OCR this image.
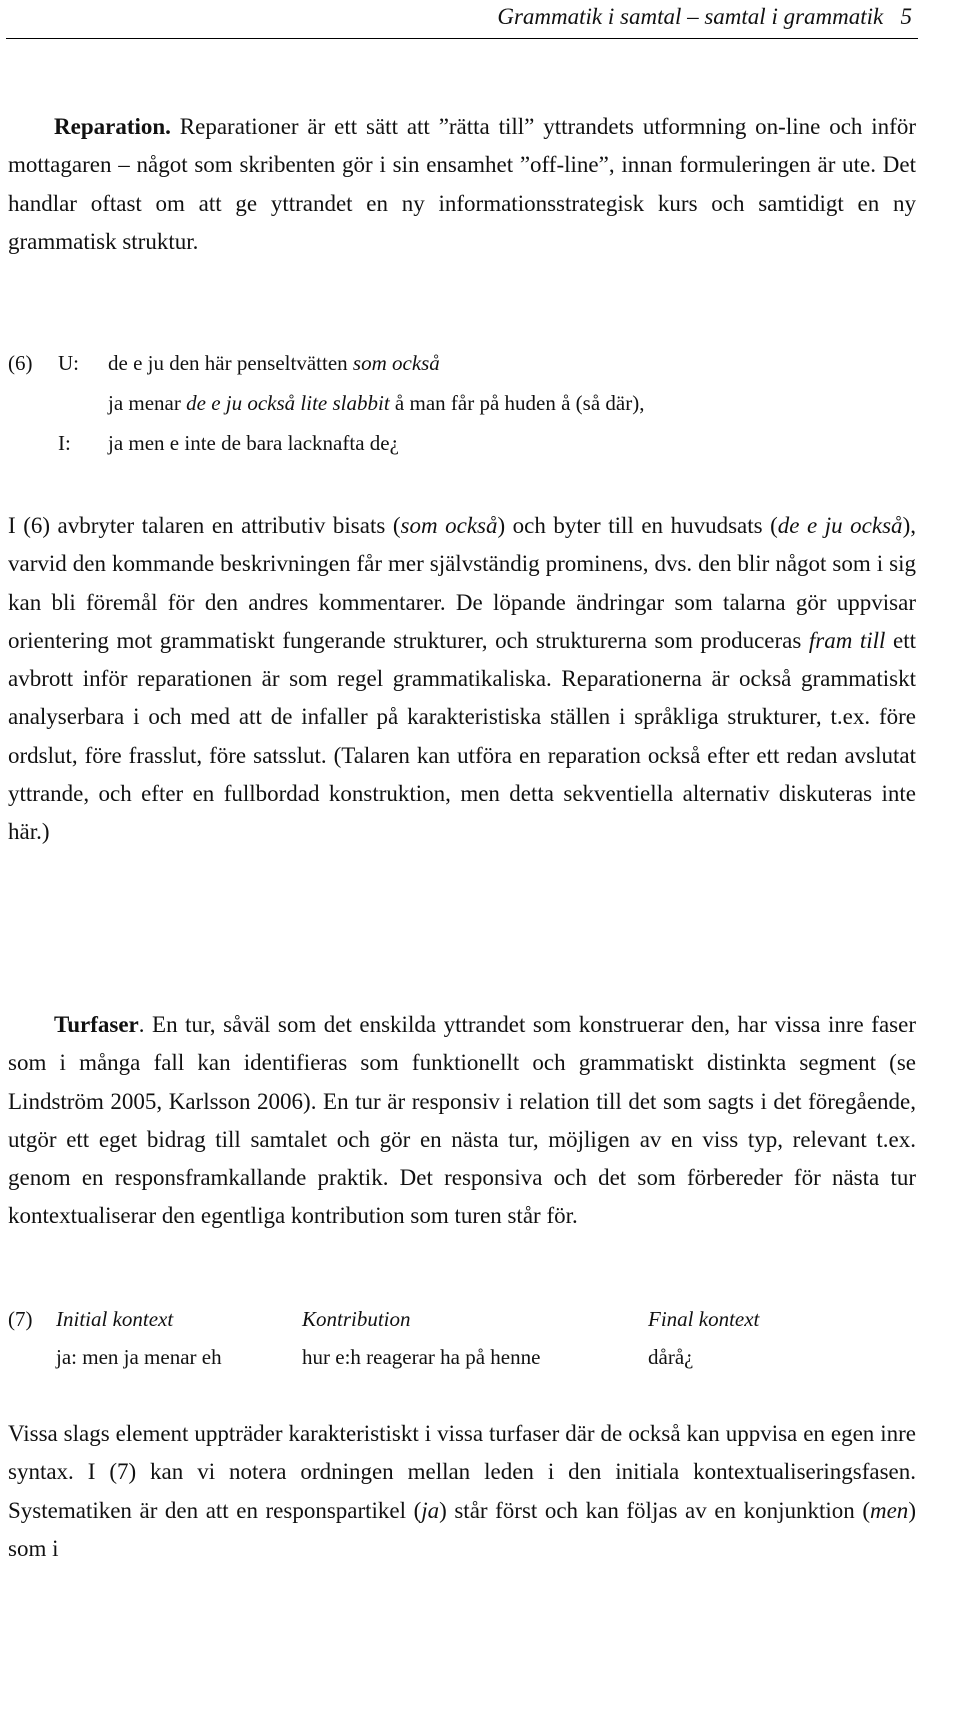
Grammatik i samtal – samtal i grammatik 5
Reparation. Reparationer är ett sätt att ”rätta till” yttrandets utformning on-line och inför mottagaren – något som skribenten gör i sin ensamhet ”off-line”, innan formuleringen är ute. Det handlar oftast om att ge yttrandet en ny informationsstrategisk kurs och samtidigt en ny grammatisk struktur.
(6) U: de e ju den här penseltvätten som också
ja menar de e ju också lite slabbit å man får på huden å (så där),
I: ja men e inte de bara lacknafta de¿
I (6) avbryter talaren en attributiv bisats (som också) och byter till en huvudsats (de e ju också), varvid den kommande beskrivningen får mer självständig prominens, dvs. den blir något som i sig kan bli föremål för den andres kommentarer. De löpande ändringar som talarna gör uppvisar orientering mot grammatiskt fungerande strukturer, och strukturerna som produceras fram till ett avbrott inför reparationen är som regel grammatikaliska. Reparationerna är också grammatiskt analyserbara i och med att de infaller på karakteristiska ställen i språkliga strukturer, t.ex. före ordslut, före frasslut, före satsslut. (Talaren kan utföra en reparation också efter ett redan avslutat yttrande, och efter en fullbordad konstruktion, men detta sekventiella alternativ diskuteras inte här.)
Turfaser. En tur, såväl som det enskilda yttrandet som konstruerar den, har vissa inre faser som i många fall kan identifieras som funktionellt och grammatiskt distinkta segment (se Lindström 2005, Karlsson 2006). En tur är responsiv i relation till det som sagts i det föregående, utgör ett eget bidrag till samtalet och gör en nästa tur, möjligen av en viss typ, relevant t.ex. genom en responsframkallande praktik. Det responsiva och det som förbereder för nästa tur kontextualiserar den egentliga kontribution som turen står för.
(7) Initial kontext	Kontribution	Final kontext
ja: men ja menar eh	hur e:h reagerar ha på henne	dårå¿
Vissa slags element uppträder karakteristiskt i vissa turfaser där de också kan uppvisa en egen inre syntax. I (7) kan vi notera ordningen mellan leden i den initiala kontextualiseringsfasen. Systematiken är den att en responspartikel (ja) står först och kan följas av en konjunktion (men) som i
